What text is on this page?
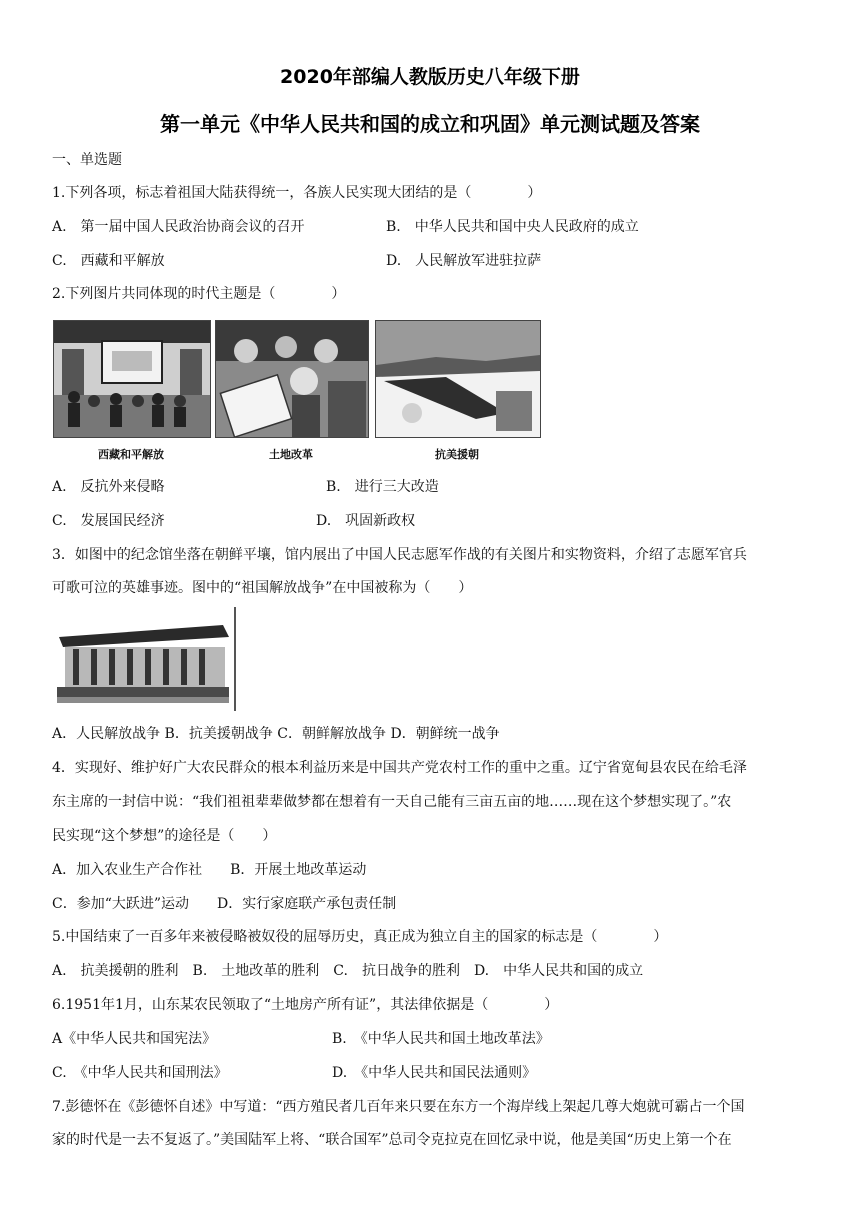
2020年部编人教版历史八年级下册
第一单元《中华人民共和国的成立和巩固》单元测试题及答案
一、单选题
1.下列各项，标志着祖国大陆获得统一，各族人民实现大团结的是（　　　　）
A.　第一届中国人民政治协商会议的召开	B.　中华人民共和国中央人民政府的成立
C.　西藏和平解放	D.　人民解放军进驻拉萨
2.下列图片共同体现的时代主题是（　　　　）
西藏和平解放	土地改革	抗美援朝
A.　反抗外来侵略	B.　进行三大改造
C.　发展国民经济	D.　巩固新政权
3．如图中的纪念馆坐落在朝鲜平壤，馆内展出了中国人民志愿军作战的有关图片和实物资料，介绍了志愿军官兵
可歌可泣的英雄事迹。图中的“祖国解放战争”在中国被称为（　　）
A．人民解放战争 B．抗美援朝战争 C．朝鲜解放战争 D．朝鲜统一战争
4．实现好、维护好广大农民群众的根本利益历来是中国共产党农村工作的重中之重。辽宁省宽甸县农民在给毛泽
东主席的一封信中说：“我们祖祖辈辈做梦都在想着有一天自己能有三亩五亩的地……现在这个梦想实现了。”农
民实现“这个梦想”的途径是（　　）
A．加入农业生产合作社　　B．开展土地改革运动
C．参加“大跃进”运动　　D．实行家庭联产承包责任制
5.中国结束了一百多年来被侵略被奴役的屈辱历史，真正成为独立自主的国家的标志是（　　　　）
A.　抗美援朝的胜利　B.　土地改革的胜利　C.　抗日战争的胜利　D.　中华人民共和国的成立
6.1951年1月，山东某农民领取了“土地房产所有证”，其法律依据是（　　　　）
A《中华人民共和国宪法》	B.　《中华人民共和国土地改革法》
C.　《中华人民共和国刑法》	D.　《中华人民共和国民法通则》
7.彭德怀在《彭德怀自述》中写道：“西方殖民者几百年来只要在东方一个海岸线上架起几尊大炮就可霸占一个国
家的时代是一去不复返了。”美国陆军上将、“联合国军”总司令克拉克在回忆录中说，他是美国“历史上第一个在
